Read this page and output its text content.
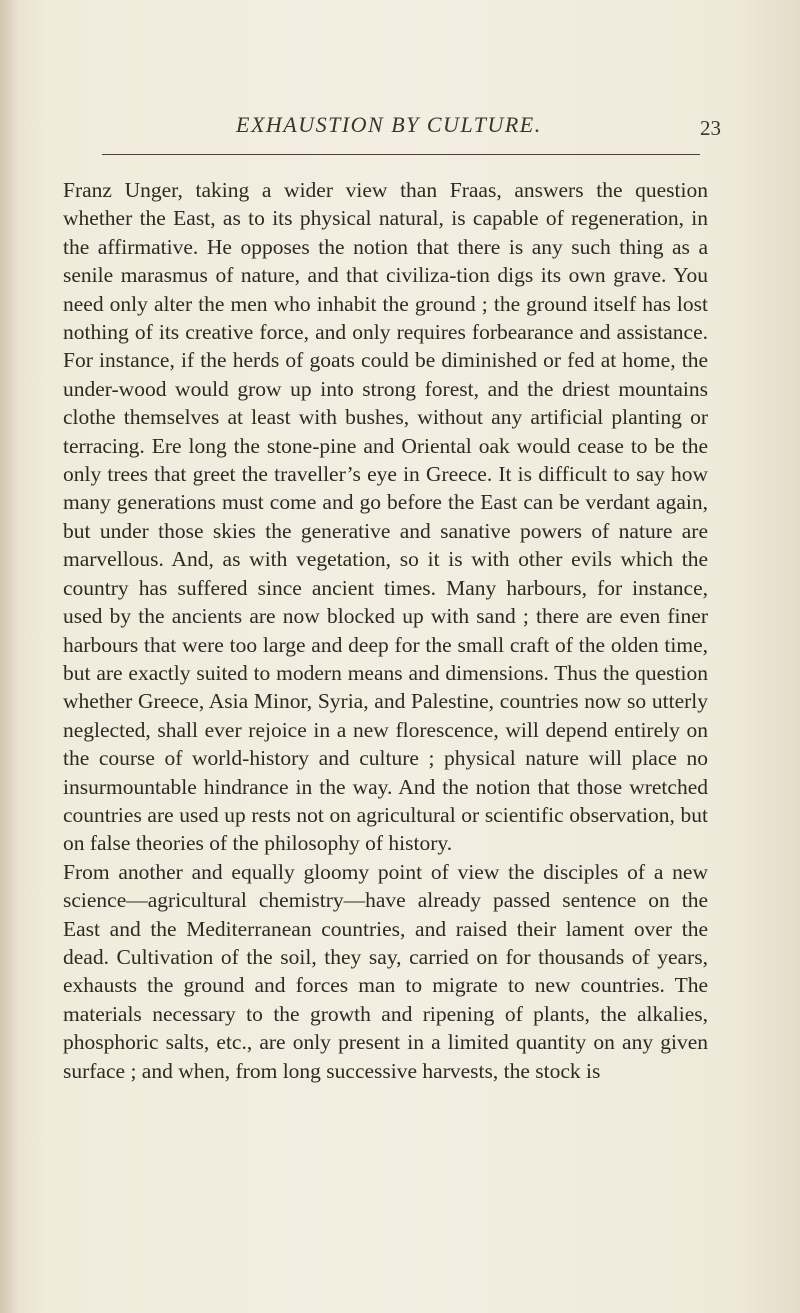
EXHAUSTION BY CULTURE.	23

Franz Unger, taking a wider view than Fraas, answers the question whether the East, as to its physical natural, is capable of regeneration, in the affirmative. He opposes the notion that there is any such thing as a senile marasmus of nature, and that civiliza-tion digs its own grave. You need only alter the men who inhabit the ground ; the ground itself has lost nothing of its creative force, and only requires forbearance and assistance. For instance, if the herds of goats could be diminished or fed at home, the under-wood would grow up into strong forest, and the driest mountains clothe themselves at least with bushes, without any artificial planting or terracing. Ere long the stone-pine and Oriental oak would cease to be the only trees that greet the traveller’s eye in Greece. It is difficult to say how many generations must come and go before the East can be verdant again, but under those skies the generative and sanative powers of nature are marvellous. And, as with vegetation, so it is with other evils which the country has suffered since ancient times. Many harbours, for instance, used by the ancients are now blocked up with sand ; there are even finer harbours that were too large and deep for the small craft of the olden time, but are exactly suited to modern means and dimensions. Thus the question whether Greece, Asia Minor, Syria, and Palestine, countries now so utterly neglected, shall ever rejoice in a new florescence, will depend entirely on the course of world-history and culture ; physical nature will place no insurmountable hindrance in the way. And the notion that those wretched countries are used up rests not on agricultural or scientific observation, but on false theories of the philosophy of history.

From another and equally gloomy point of view the disciples of a new science—agricultural chemistry—have already passed sentence on the East and the Mediterranean countries, and raised their lament over the dead. Cultivation of the soil, they say, carried on for thousands of years, exhausts the ground and forces man to migrate to new countries. The materials necessary to the growth and ripening of plants, the alkalies, phosphoric salts, etc., are only present in a limited quantity on any given surface ; and when, from long successive harvests, the stock is
